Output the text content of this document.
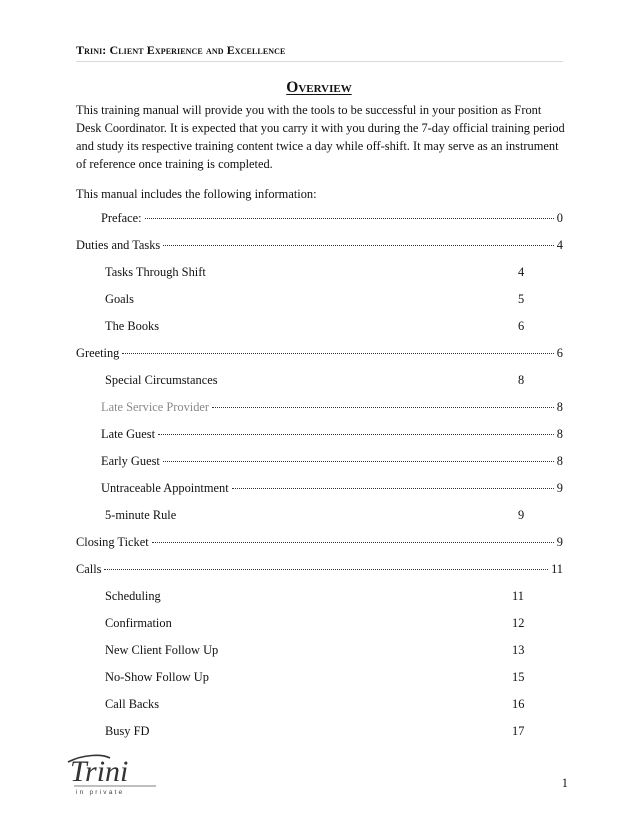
Trini: Client Experience and Excellence
Overview

This training manual will provide you with the tools to be successful in your position as Front Desk Coordinator. It is expected that you carry it with you during the 7-day official training period and study its respective training content twice a day while off-shift. It may serve as an instrument of reference once training is completed.

This manual includes the following information:

Preface:	0
Duties and Tasks	4
Tasks Through Shift	4
Goals	5
The Books	6
Greeting	6
Special Circumstances	8
Late Service Provider	8
Late Guest	8
Early Guest	8
Untraceable Appointment	9
5-minute Rule	9
Closing Ticket	9
Calls	11
Scheduling	11
Confirmation	12
New Client Follow Up	13
No-Show Follow Up	15
Call Backs	16
Busy FD	17
Trini
in private
1
